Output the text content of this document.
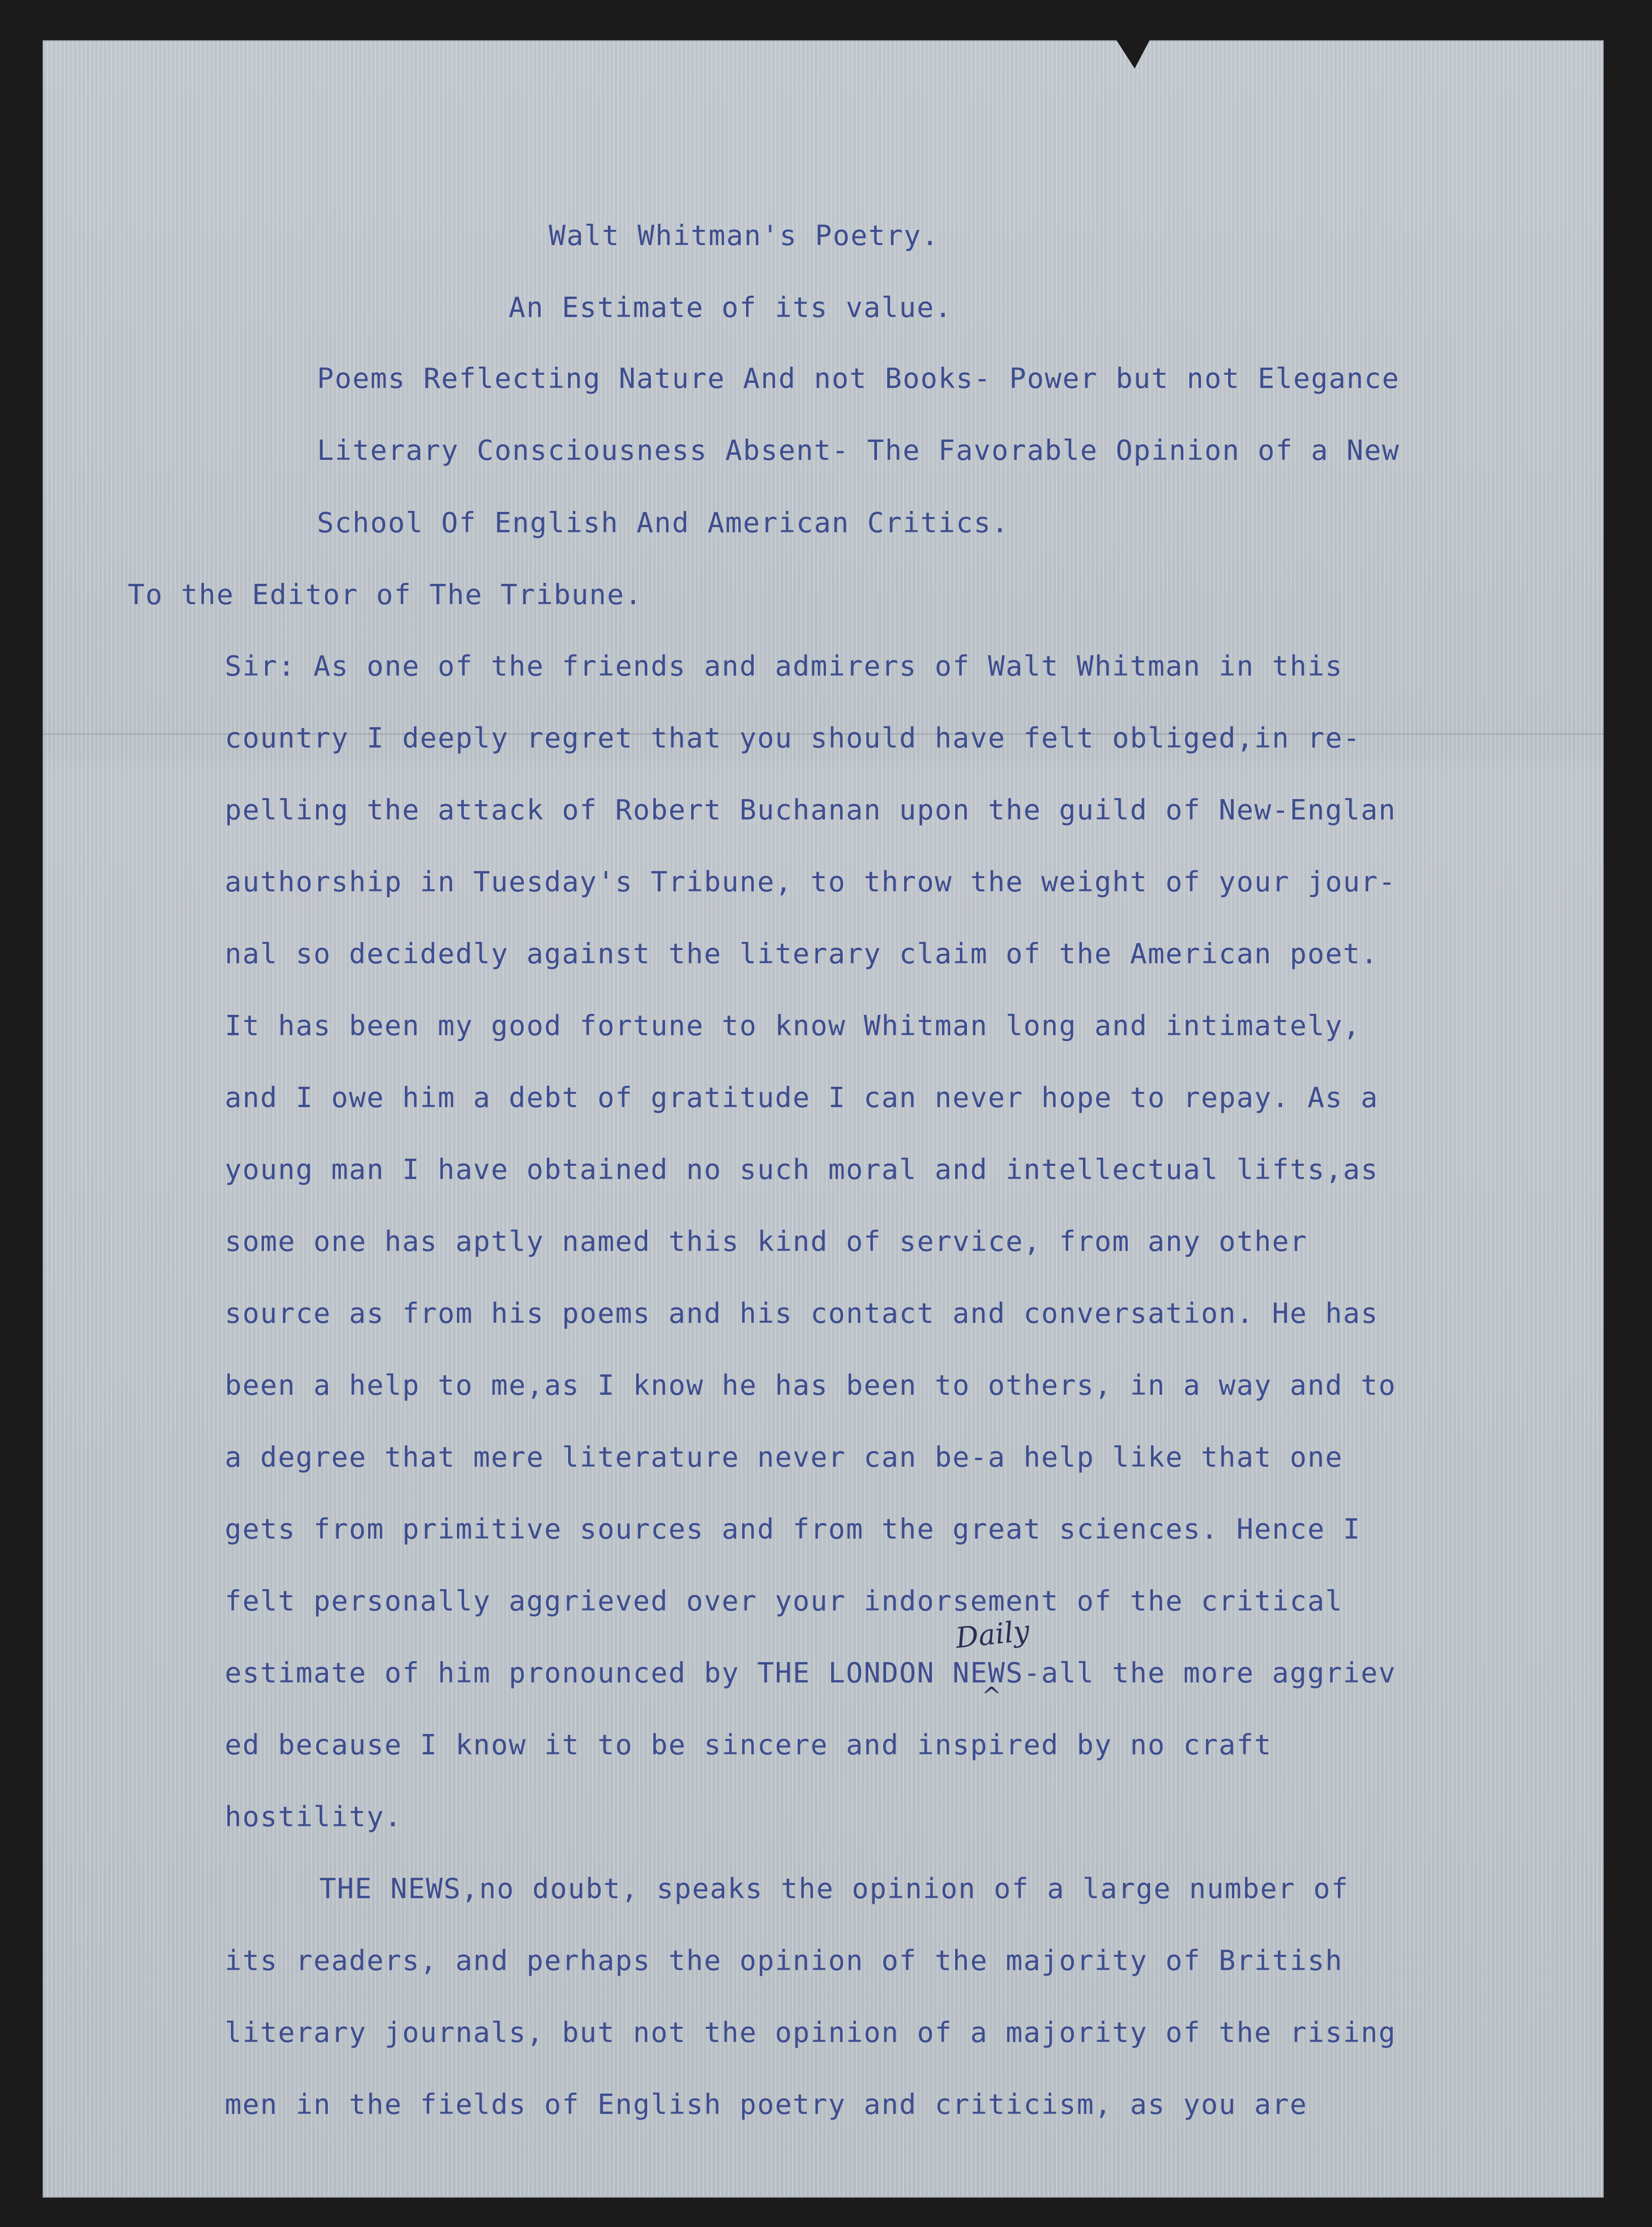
Walt Whitman's Poetry.

An Estimate of its value.

Poems Reflecting Nature And not Books- Power but not Elegance

Literary Consciousness Absent- The Favorable Opinion of a New

School Of English And American Critics.

To the Editor of The Tribune.

Sir: As one of the friends and admirers of Walt Whitman in this

country I deeply regret that you should have felt obliged,in re-

pelling the attack of Robert Buchanan upon the guild of New-Englan

authorship in Tuesday's Tribune, to throw the weight of your jour-

nal so decidedly against the literary claim of the American poet.

It has been my good fortune to know Whitman long and intimately,

and I owe him a debt of gratitude I can never hope to repay. As a

young man I have obtained no such moral and intellectual lifts,as

some one has aptly named this kind of service, from any other

source as from his poems and his contact and conversation. He has

been a help to me,as I know he has been to others, in a way and to

a degree that mere literature never can be-a help like that one

gets from primitive sources and from the great sciences. Hence I

felt personally aggrieved over your indorsement of the critical

estimate of him pronounced by THE LONDON NEWS-all the more aggriev

ed because I know it to be sincere and inspired by no craft

hostility.

THE NEWS,no doubt, speaks the opinion of a large number of

its readers, and perhaps the opinion of the majority of British

literary journals, but not the opinion of a majority of the rising

men in the fields of English poetry and criticism, as you are

Daily
^
